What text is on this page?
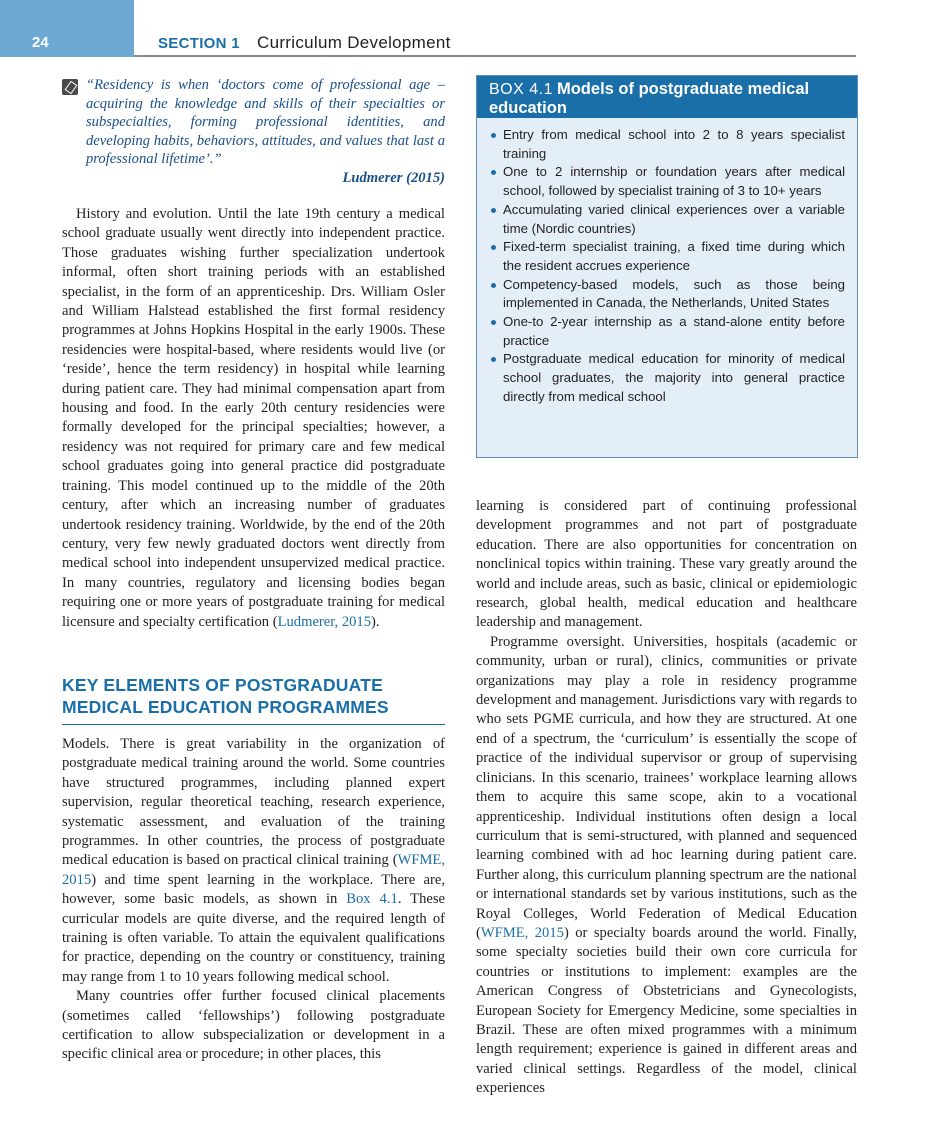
24	SECTION 1 Curriculum Development
“Residency is when ‘doctors come of professional age – acquiring the knowledge and skills of their specialties or subspecialties, forming professional identities, and developing habits, behaviors, attitudes, and values that last a professional lifetime’.”
Ludmerer (2015)

History and evolution. Until the late 19th century a medical school graduate usually went directly into independent practice. Those graduates wishing further specialization undertook informal, often short training periods with an established specialist, in the form of an apprenticeship. Drs. William Osler and William Halstead established the first formal residency programmes at Johns Hopkins Hospital in the early 1900s. These residencies were hospital-based, where residents would live (or ‘reside’, hence the term residency) in hospital while learning during patient care. They had minimal compensation apart from housing and food. In the early 20th century residencies were formally developed for the principal specialties; however, a residency was not required for primary care and few medical school graduates going into general practice did postgraduate training. This model continued up to the middle of the 20th century, after which an increasing number of graduates undertook residency training. Worldwide, by the end of the 20th century, very few newly graduated doctors went directly from medical school into independent unsupervized medical practice. In many countries, regulatory and licensing bodies began requiring one or more years of postgraduate training for medical licensure and specialty certification (Ludmerer, 2015).

KEY ELEMENTS OF POSTGRADUATE
MEDICAL EDUCATION PROGRAMMES

Models. There is great variability in the organization of postgraduate medical training around the world. Some countries have structured programmes, including planned expert supervision, regular theoretical teaching, research experience, systematic assessment, and evaluation of the training programmes. In other countries, the process of postgraduate medical education is based on practical clinical training (WFME, 2015) and time spent learning in the workplace. There are, however, some basic models, as shown in Box 4.1. These curricular models are quite diverse, and the required length of training is often variable. To attain the equivalent qualifications for practice, depending on the country or constituency, training may range from 1 to 10 years following medical school.

Many countries offer further focused clinical placements (sometimes called ‘fellowships’) following postgraduate certification to allow subspecialization or development in a specific clinical area or procedure; in other places, this

BOX 4.1 Models of postgraduate medical education
Entry from medical school into 2 to 8 years specialist training
One to 2 internship or foundation years after medical school, followed by specialist training of 3 to 10+ years
Accumulating varied clinical experiences over a variable time (Nordic countries)
Fixed-term specialist training, a fixed time during which the resident accrues experience
Competency-based models, such as those being implemented in Canada, the Netherlands, United States
One-to 2-year internship as a stand-alone entity before practice
Postgraduate medical education for minority of medical school graduates, the majority into general practice directly from medical school

learning is considered part of continuing professional development programmes and not part of postgraduate education. There are also opportunities for concentration on nonclinical topics within training. These vary greatly around the world and include areas, such as basic, clinical or epidemiologic research, global health, medical education and healthcare leadership and management.

Programme oversight. Universities, hospitals (academic or community, urban or rural), clinics, communities or private organizations may play a role in residency programme development and management. Jurisdictions vary with regards to who sets PGME curricula, and how they are structured. At one end of a spectrum, the ‘curriculum’ is essentially the scope of practice of the individual supervisor or group of supervising clinicians. In this scenario, trainees’ workplace learning allows them to acquire this same scope, akin to a vocational apprenticeship. Individual institutions often design a local curriculum that is semi-structured, with planned and sequenced learning combined with ad hoc learning during patient care. Further along, this curriculum planning spectrum are the national or international standards set by various institutions, such as the Royal Colleges, World Federation of Medical Education (WFME, 2015) or specialty boards around the world. Finally, some specialty societies build their own core curricula for countries or institutions to implement: examples are the American Congress of Obstetricians and Gynecologists, European Society for Emergency Medicine, some specialties in Brazil. These are often mixed programmes with a minimum length requirement; experience is gained in different areas and varied clinical settings. Regardless of the model, clinical experiences
